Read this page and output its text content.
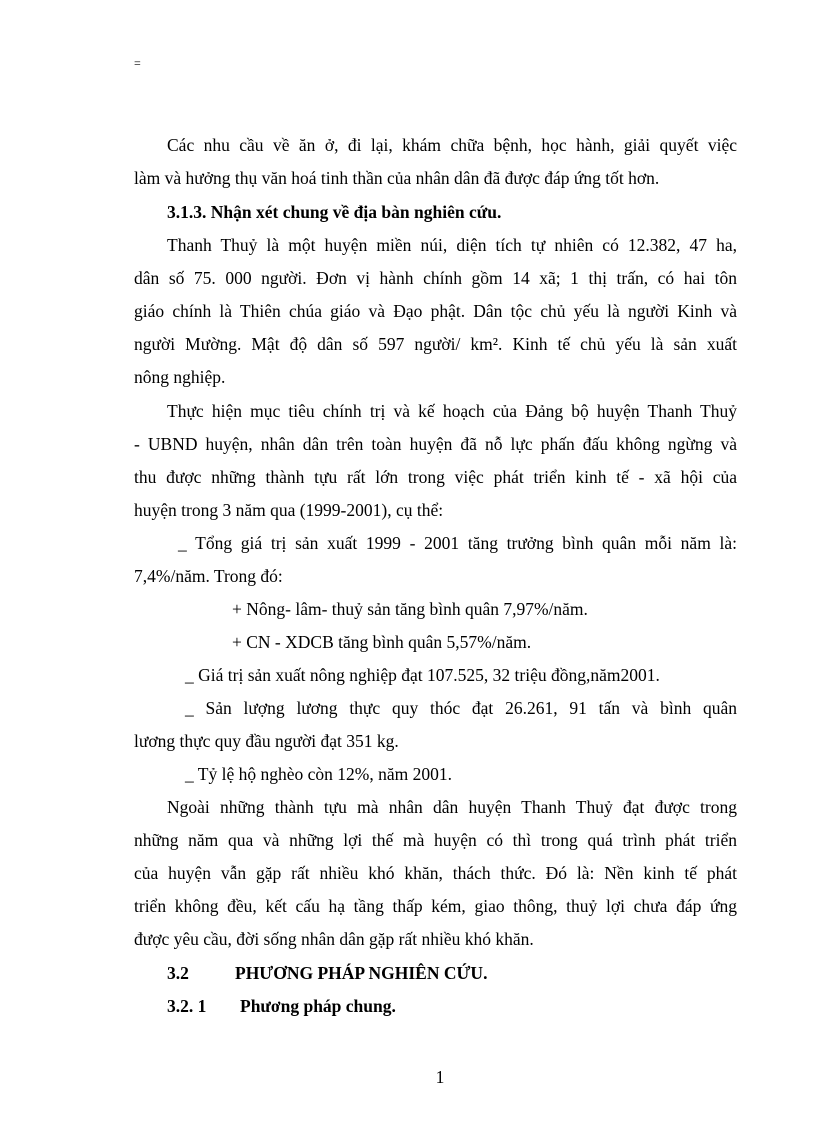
=
Các nhu cầu về ăn ở, đi lại, khám chữa bệnh, học hành, giải quyết việc
làm và hưởng thụ văn hoá tinh thần của nhân dân đã được đáp ứng tốt hơn.
3.1.3. Nhận xét chung về địa bàn nghiên cứu.
Thanh Thuỷ là một huyện miền núi, diện tích tự nhiên có 12.382, 47 ha,
dân số 75. 000 người. Đơn vị hành chính gồm 14 xã; 1 thị trấn, có hai tôn
giáo chính là Thiên chúa giáo và Đạo phật. Dân tộc chủ yếu là người Kinh và
người Mường. Mật độ dân số 597 người/ km². Kinh tế chủ yếu là sản xuất
nông nghiệp.
Thực hiện mục tiêu chính trị và kế hoạch của Đảng bộ huyện Thanh Thuỷ
- UBND huyện, nhân dân trên toàn huyện đã nỗ lực phấn đấu không ngừng và
thu được những thành tựu rất lớn trong việc phát triển kinh tế - xã hội của
huyện trong 3 năm qua (1999-2001), cụ thể:
_ Tổng giá trị sản xuất 1999 - 2001 tăng trưởng bình quân mỗi năm là:
7,4%/năm. Trong đó:
+ Nông- lâm- thuỷ sản tăng bình quân 7,97%/năm.
+ CN - XDCB tăng bình quân 5,57%/năm.
_ Giá trị sản xuất nông nghiệp đạt 107.525, 32 triệu đồng,năm2001.
_ Sản lượng lương thực quy thóc đạt 26.261, 91 tấn và bình quân
lương thực quy đầu người đạt 351 kg.
_ Tỷ lệ hộ nghèo còn 12%, năm 2001.
Ngoài những thành tựu mà nhân dân huyện Thanh Thuỷ đạt được trong
những năm qua và những lợi thế mà huyện có thì trong quá trình phát triển
của huyện vẫn gặp rất nhiều khó khăn, thách thức. Đó là: Nền kinh tế phát
triển không đều, kết cấu hạ tầng thấp kém, giao thông, thuỷ lợi chưa đáp ứng
được yêu cầu, đời sống nhân dân gặp rất nhiều khó khăn.
3.2	PHƯƠNG PHÁP NGHIÊN CỨU.
3.2. 1 Phương pháp chung.
1
